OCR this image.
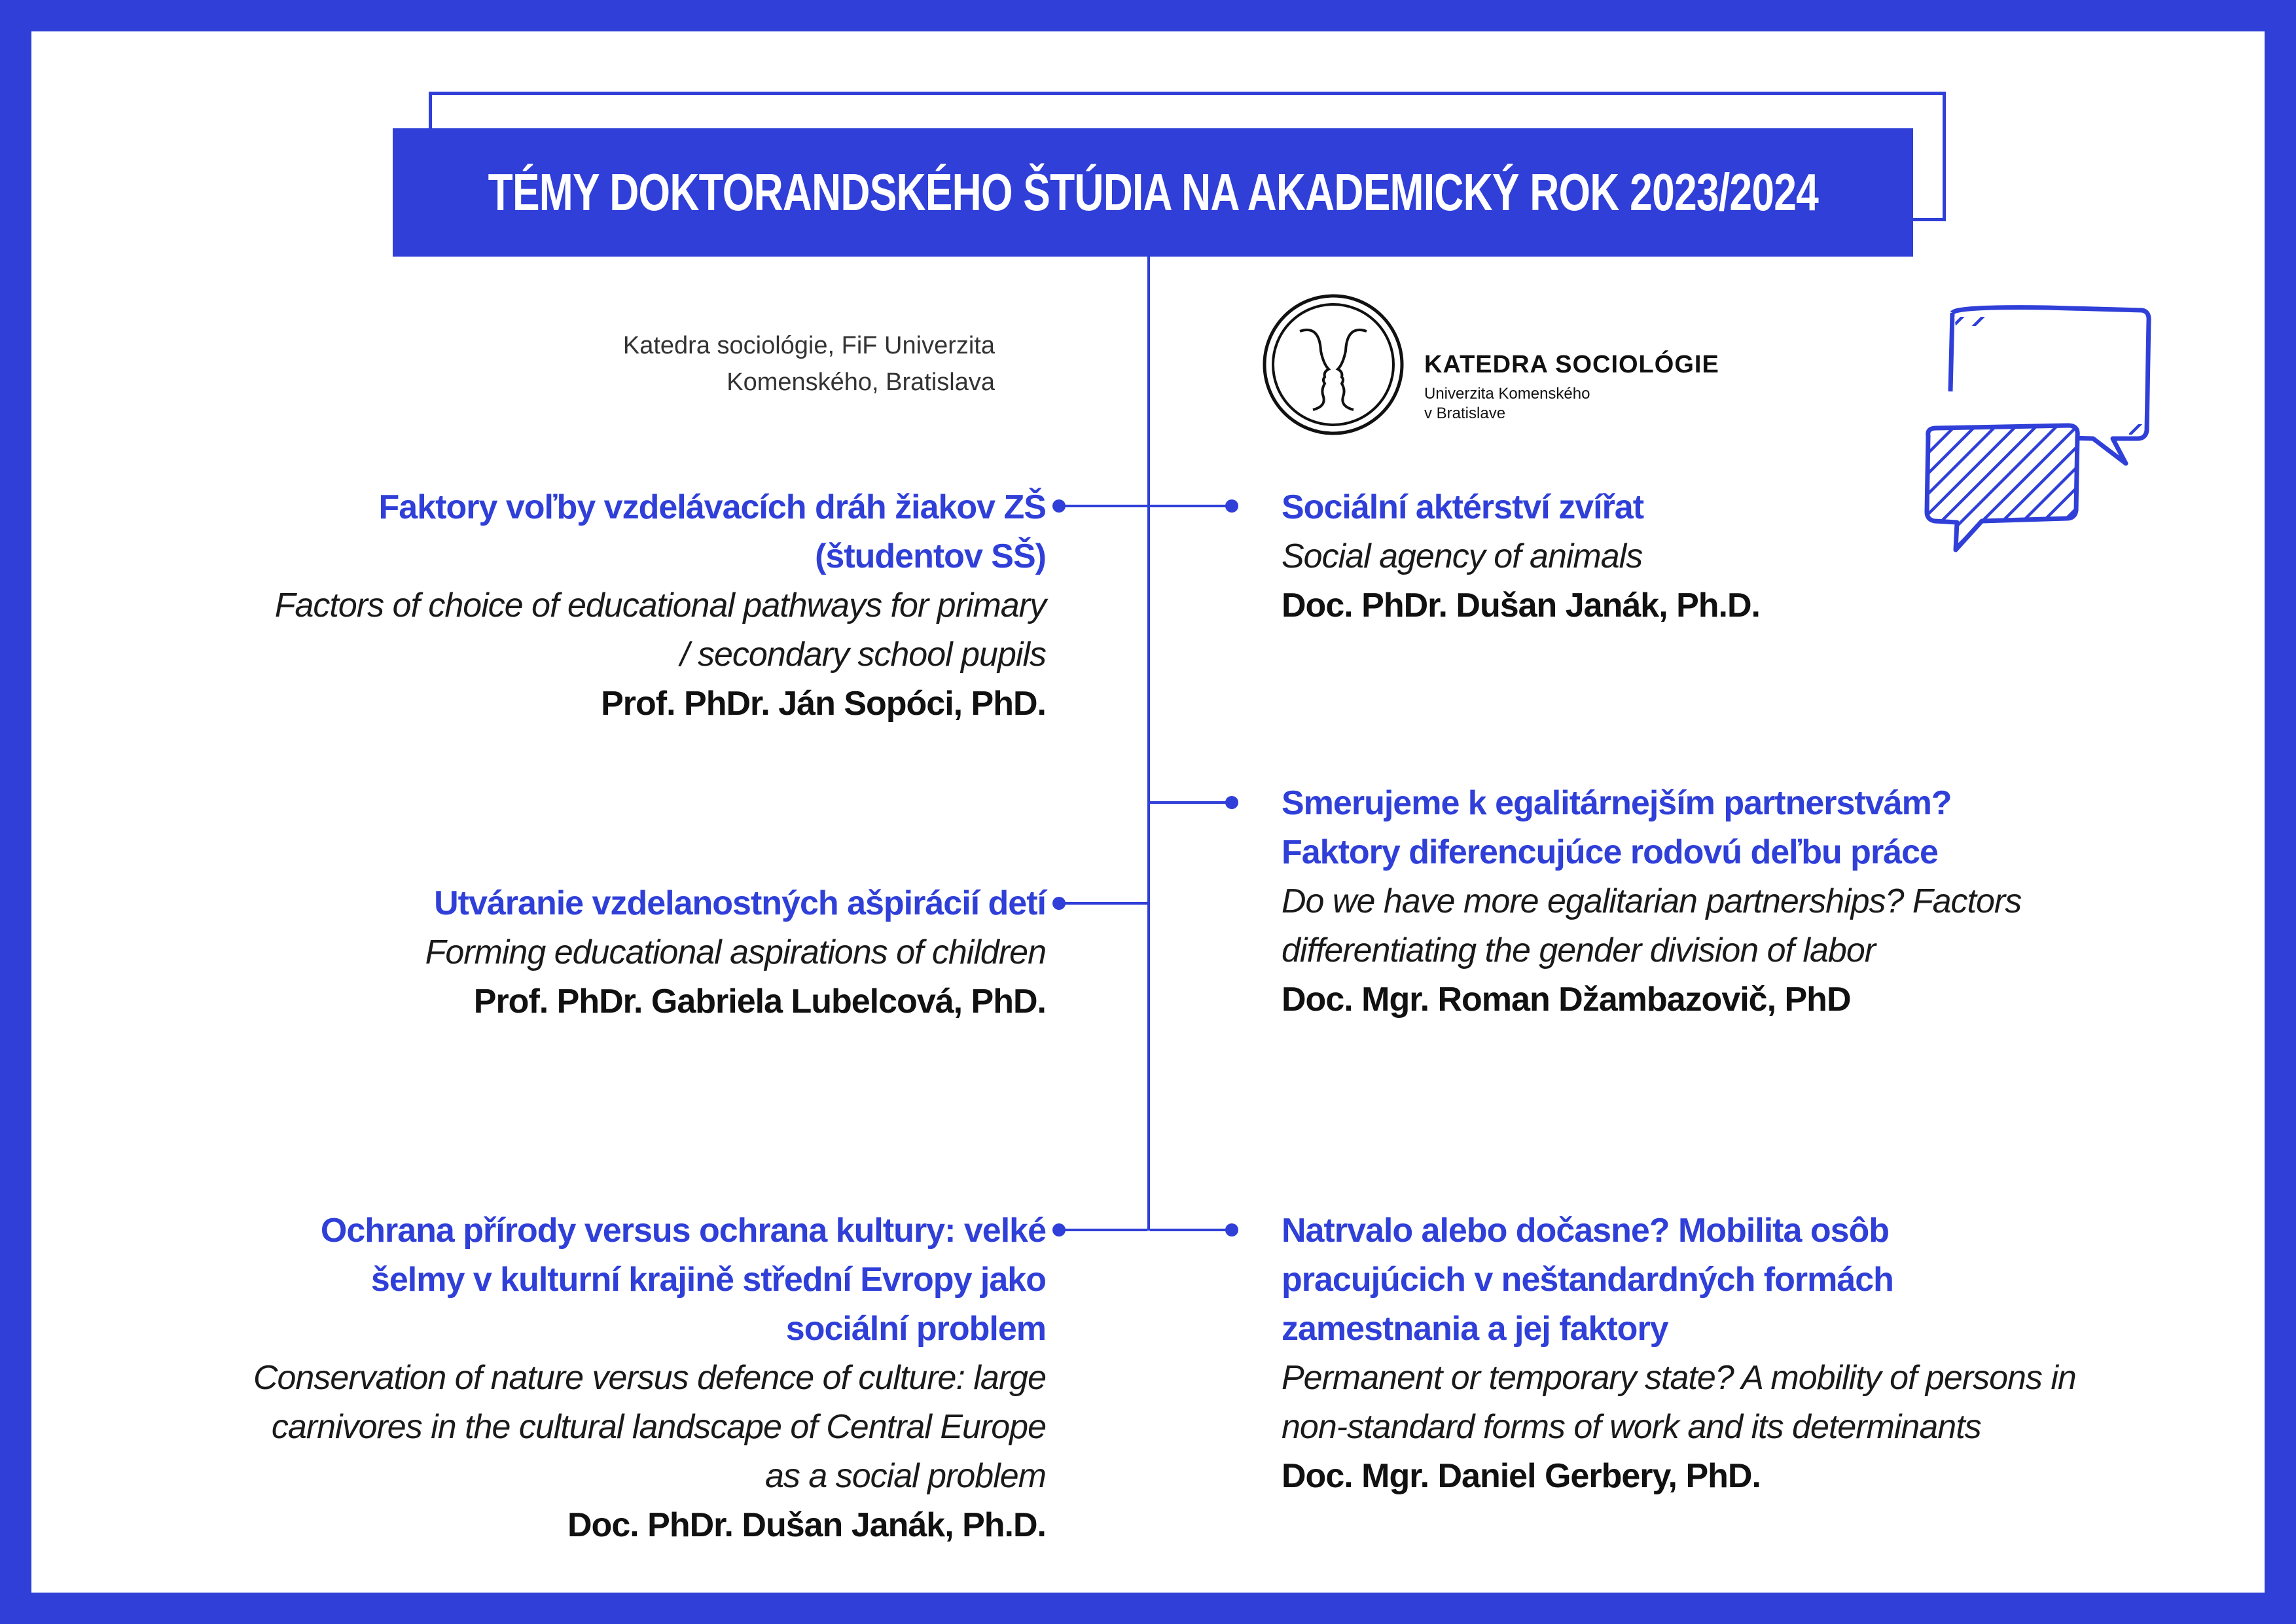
TÉMY DOKTORANDSKÉHO ŠTÚDIA NA AKADEMICKÝ ROK 2023/2024
Katedra sociológie, FiF Univerzita
Komenského, Bratislava
KATEDRA SOCIOLÓGIE
Univerzita Komenského
v Bratislave
Faktory voľby vzdelávacích dráh žiakov ZŠ
(študentov SŠ)
Factors of choice of educational pathways for primary
/ secondary school pupils
Prof. PhDr. Ján Sopóci, PhD.
Utváranie vzdelanostných ašpirácií detí
Forming educational aspirations of children
Prof. PhDr. Gabriela Lubelcová, PhD.
Ochrana přírody versus ochrana kultury: velké
šelmy v kulturní krajině střední Evropy jako
sociální problem
Conservation of nature versus defence of culture: large
carnivores in the cultural landscape of Central Europe
as a social problem
Doc. PhDr. Dušan Janák, Ph.D.
Sociální aktérství zvířat
Social agency of animals
Doc. PhDr. Dušan Janák, Ph.D.
Smerujeme k egalitárnejším partnerstvám?
Faktory diferencujúce rodovú deľbu práce
Do we have more egalitarian partnerships? Factors
differentiating the gender division of labor
Doc. Mgr. Roman Džambazovič, PhD
Natrvalo alebo dočasne? Mobilita osôb
pracujúcich v neštandardných formách
zamestnania a jej faktory
Permanent or temporary state? A mobility of persons in
non-standard forms of work and its determinants
Doc. Mgr. Daniel Gerbery, PhD.
